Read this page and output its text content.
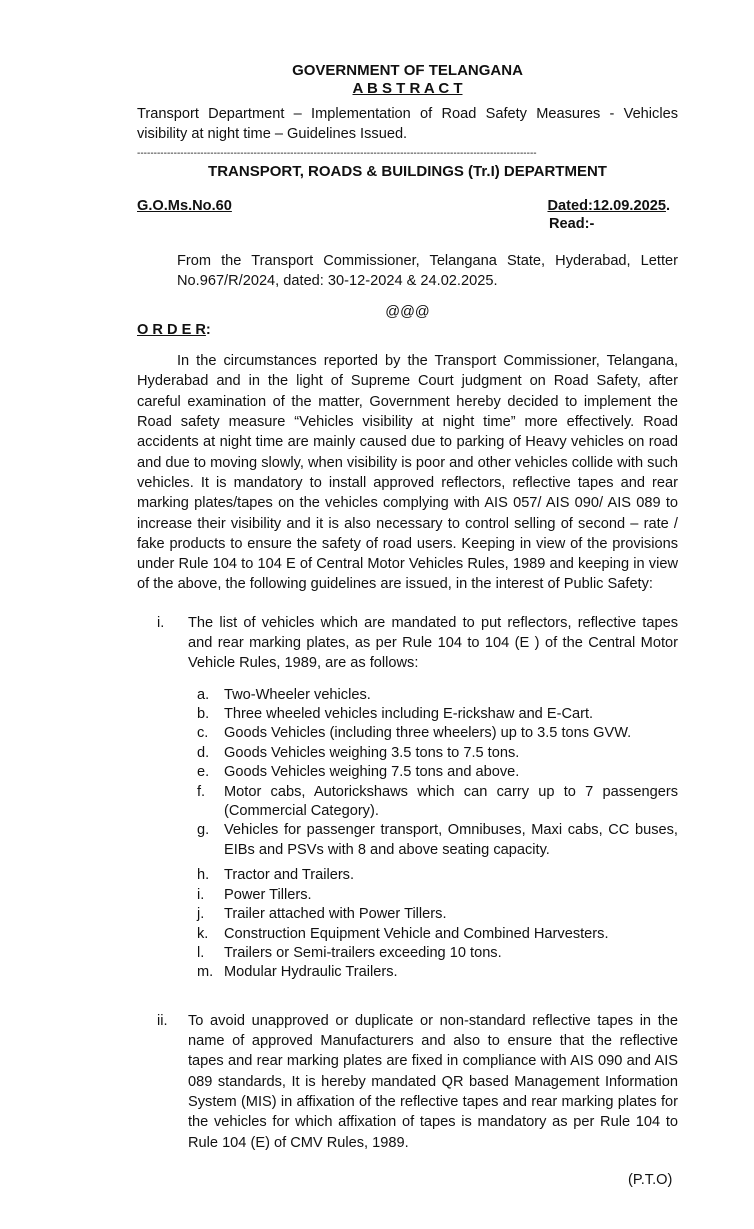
GOVERNMENT OF TELANGANA
A B S T R A C T
Transport Department – Implementation of Road Safety Measures - Vehicles visibility at night time – Guidelines Issued.
------------------------------------------------------------------------------------------------------------------------
TRANSPORT, ROADS & BUILDINGS (Tr.I) DEPARTMENT
G.O.Ms.No.60	Dated:12.09.2025.
Read:-
From the Transport Commissioner, Telangana State, Hyderabad, Letter No.967/R/2024, dated: 30-12-2024 & 24.02.2025.
@@@
O R D E R:
In the circumstances reported by the Transport Commissioner, Telangana, Hyderabad and in the light of Supreme Court judgment on Road Safety, after careful examination of the matter, Government hereby decided to implement the Road safety measure “Vehicles visibility at night time” more effectively. Road accidents at night time are mainly caused due to parking of Heavy vehicles on road and due to moving slowly, when visibility is poor and other vehicles collide with such vehicles. It is mandatory to install approved reflectors, reflective tapes and rear marking plates/tapes on the vehicles complying with AIS 057/ AIS 090/ AIS 089 to increase their visibility and it is also necessary to control selling of second – rate / fake products to ensure the safety of road users. Keeping in view of the provisions under Rule 104 to 104 E of Central Motor Vehicles Rules, 1989 and keeping in view of the above, the following guidelines are issued, in the interest of Public Safety:
i.	The list of vehicles which are mandated to put reflectors, reflective tapes and rear marking plates, as per Rule 104 to 104 (E ) of the Central Motor Vehicle Rules, 1989, are as follows:
a.	Two-Wheeler vehicles.
b.	Three wheeled vehicles including E-rickshaw and E-Cart.
c.	Goods Vehicles (including three wheelers) up to 3.5 tons GVW.
d.	Goods Vehicles weighing 3.5 tons to 7.5 tons.
e.	Goods Vehicles weighing 7.5 tons and above.
f.	Motor cabs, Autorickshaws which can carry up to 7 passengers (Commercial Category).
g.	Vehicles for passenger transport, Omnibuses, Maxi cabs, CC buses, EIBs and PSVs with 8 and above seating capacity.
h.	Tractor and Trailers.
i.	Power Tillers.
j.	Trailer attached with Power Tillers.
k.	Construction Equipment Vehicle and Combined Harvesters.
l.	Trailers or Semi-trailers exceeding 10 tons.
m. Modular Hydraulic Trailers.
ii.	To avoid unapproved or duplicate or non-standard reflective tapes in the name of approved Manufacturers and also to ensure that the reflective tapes and rear marking plates are fixed in compliance with AIS 090 and AIS 089 standards, It is hereby mandated QR based Management Information System (MIS) in affixation of the reflective tapes and rear marking plates for the vehicles for which affixation of tapes is mandatory as per Rule 104 to Rule 104 (E) of CMV Rules, 1989.
(P.T.O)
